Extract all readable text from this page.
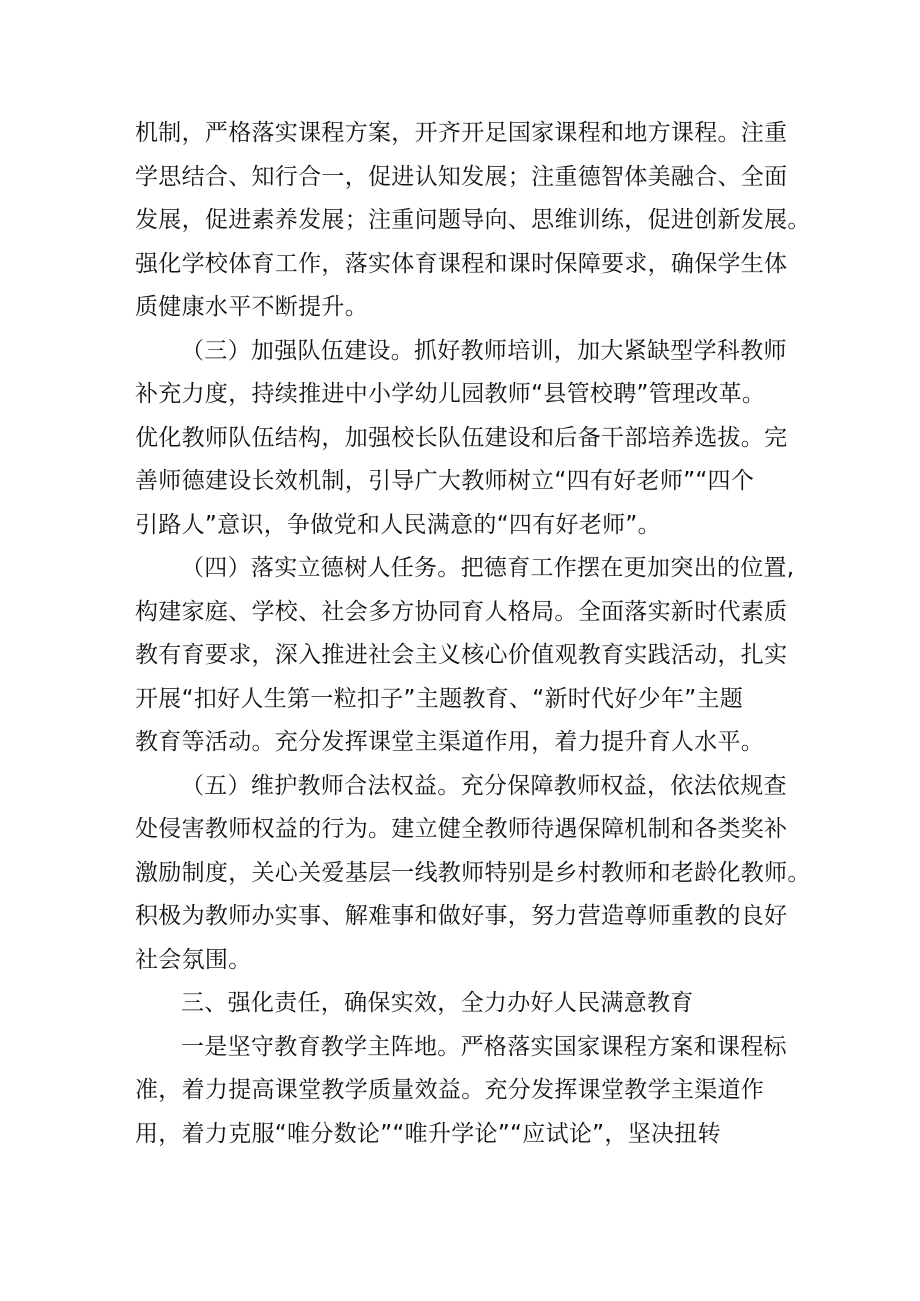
机制，严格落实课程方案，开齐开足国家课程和地方课程。注重
学思结合、知行合一，促进认知发展；注重德智体美融合、全面
发展，促进素养发展；注重问题导向、思维训练，促进创新发展。
强化学校体育工作，落实体育课程和课时保障要求，确保学生体
质健康水平不断提升。
（三）加强队伍建设。抓好教师培训，加大紧缺型学科教师
补充力度，持续推进中小学幼儿园教师“县管校聘”管理改革。
优化教师队伍结构，加强校长队伍建设和后备干部培养选拔。完
善师德建设长效机制，引导广大教师树立“四有好老师”“四个
引路人”意识，争做党和人民满意的“四有好老师”。
（四）落实立德树人任务。把德育工作摆在更加突出的位置,
构建家庭、学校、社会多方协同育人格局。全面落实新时代素质
教有育要求，深入推进社会主义核心价值观教育实践活动，扎实
开展“扣好人生第一粒扣子”主题教育、“新时代好少年”主题
教育等活动。充分发挥课堂主渠道作用，着力提升育人水平。
（五）维护教师合法权益。充分保障教师权益，依法依规查
处侵害教师权益的行为。建立健全教师待遇保障机制和各类奖补
激励制度，关心关爱基层一线教师特别是乡村教师和老龄化教师。
积极为教师办实事、解难事和做好事，努力营造尊师重教的良好
社会氛围。
三、强化责任，确保实效，全力办好人民满意教育
一是坚守教育教学主阵地。严格落实国家课程方案和课程标
准，着力提高课堂教学质量效益。充分发挥课堂教学主渠道作
用，着力克服“唯分数论”“唯升学论”“应试论”，坚决扭转
